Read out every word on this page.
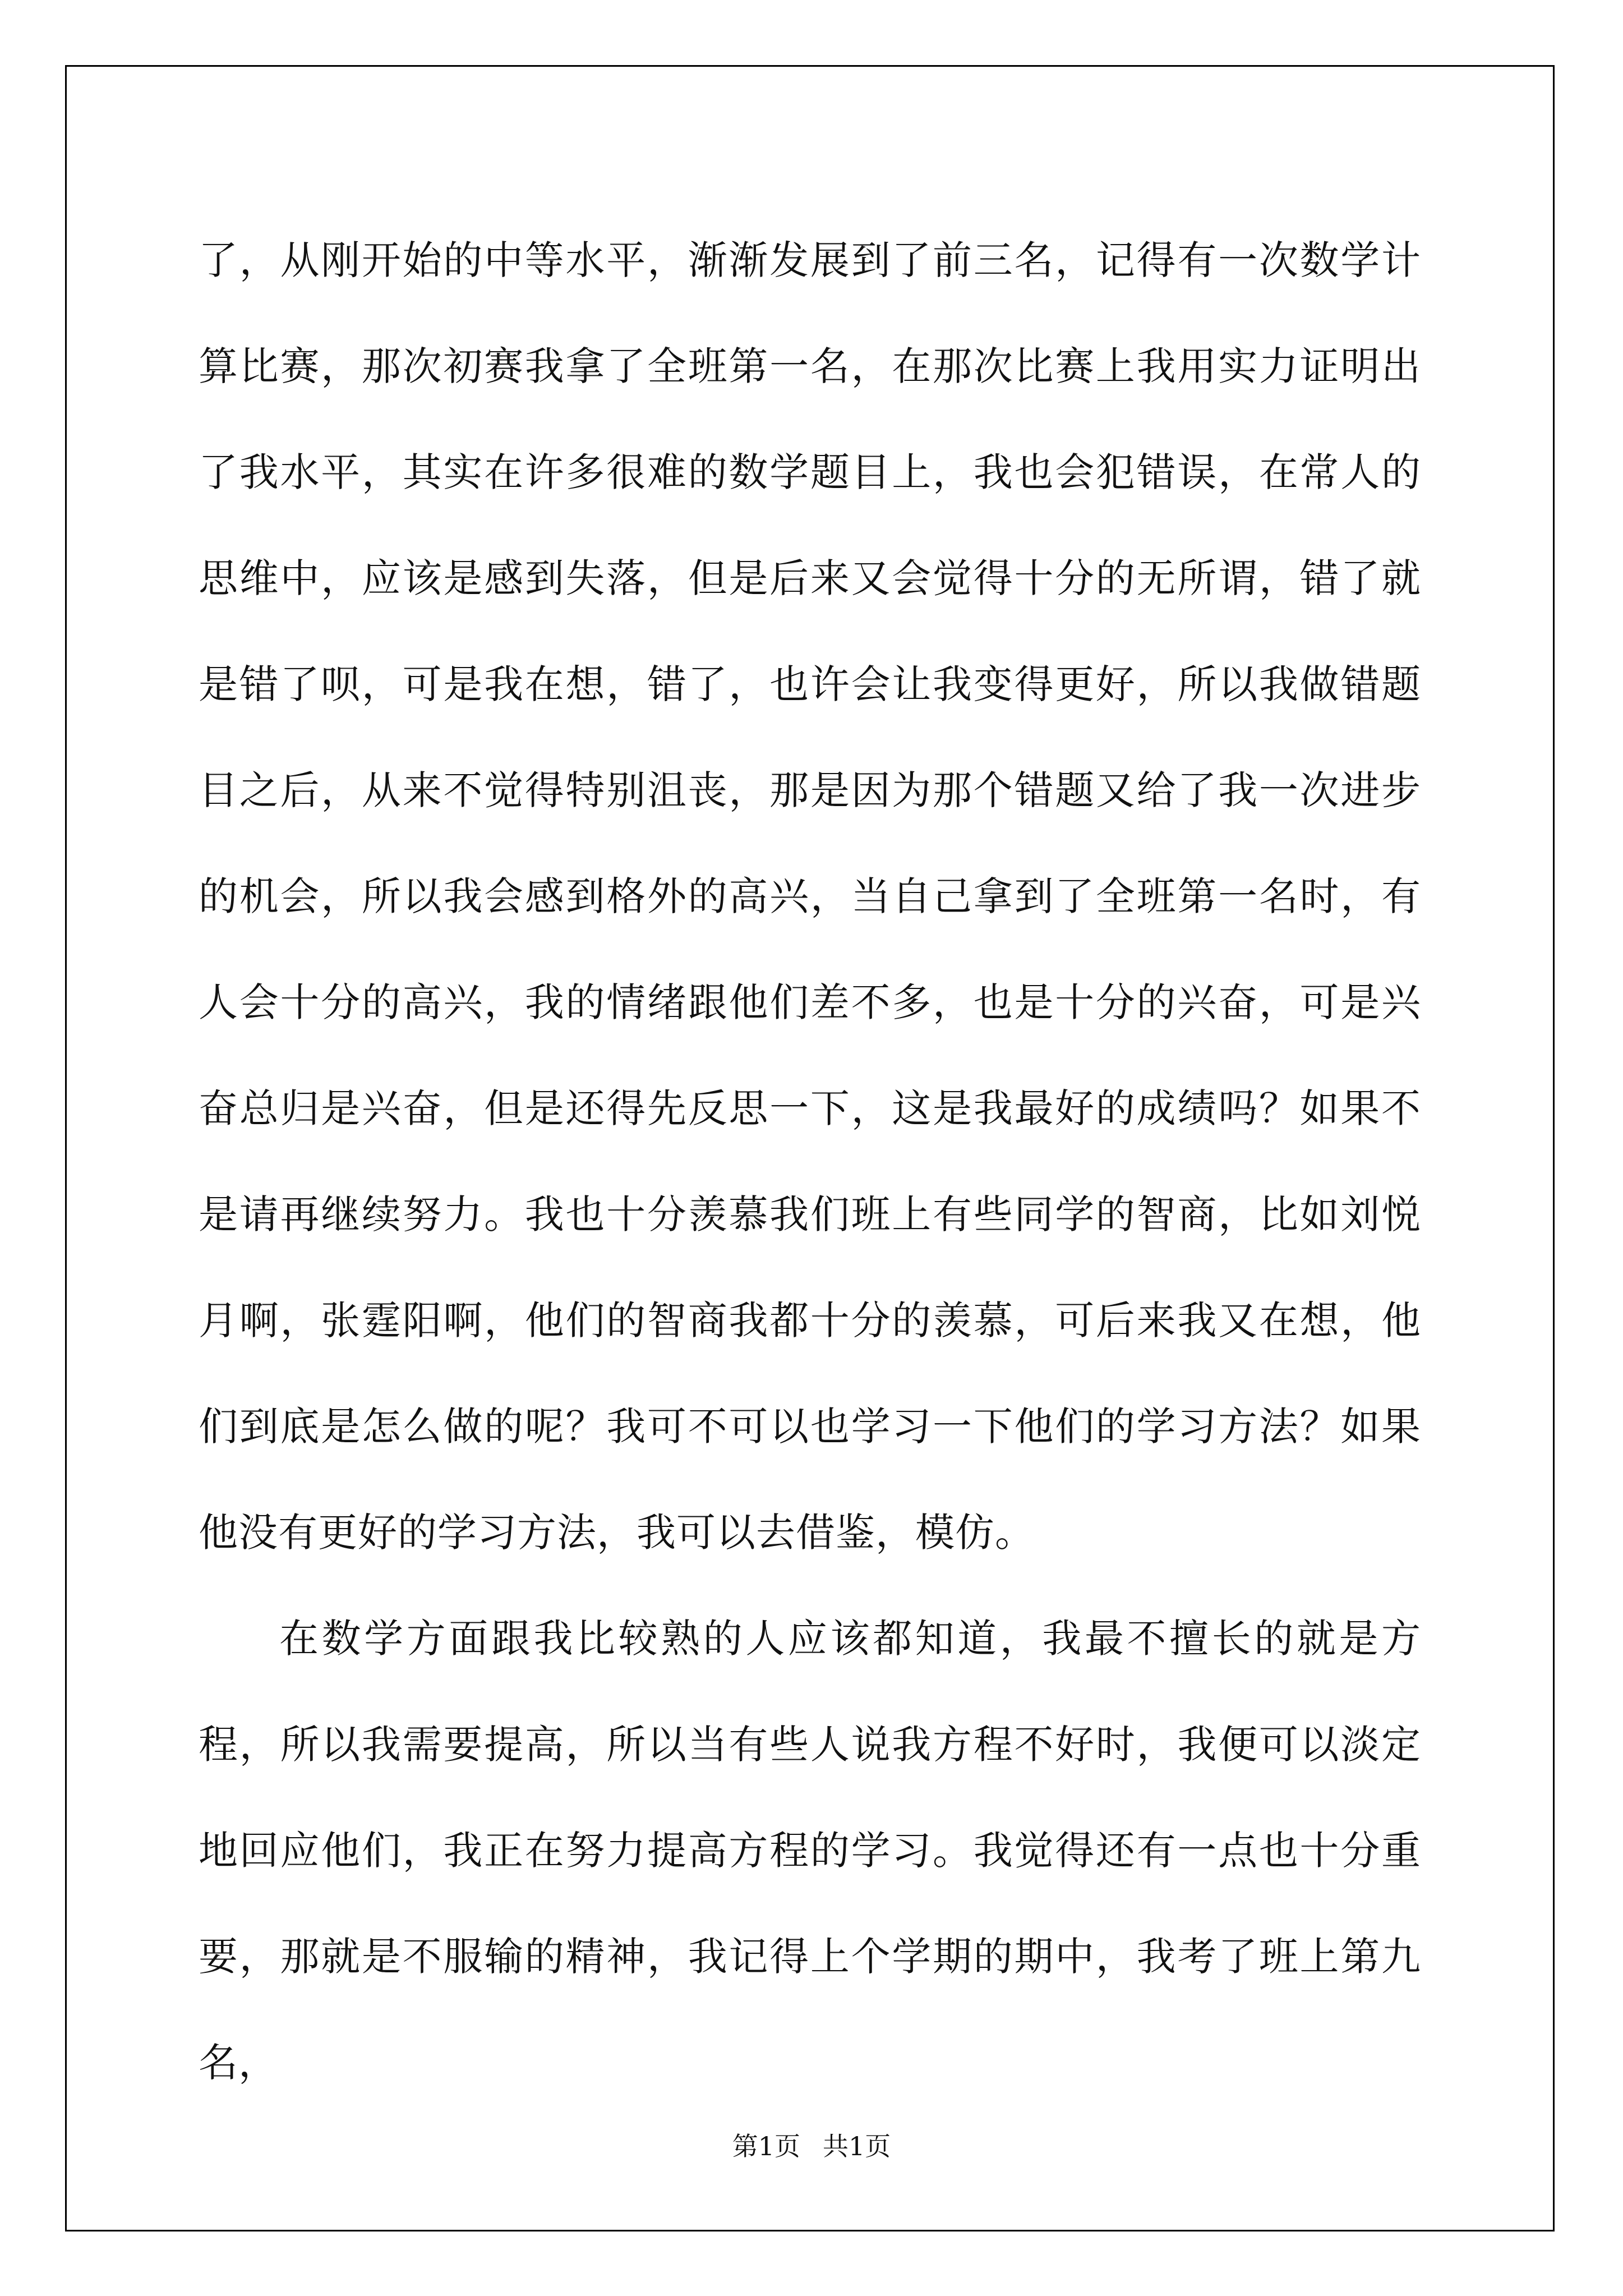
了，从刚开始的中等水平，渐渐发展到了前三名，记得有一次数学计算比赛，那次初赛我拿了全班第一名，在那次比赛上我用实力证明出了我水平，其实在许多很难的数学题目上，我也会犯错误，在常人的思维中，应该是感到失落，但是后来又会觉得十分的无所谓，错了就是错了呗，可是我在想，错了，也许会让我变得更好，所以我做错题目之后，从来不觉得特别沮丧，那是因为那个错题又给了我一次进步的机会，所以我会感到格外的高兴，当自己拿到了全班第一名时，有人会十分的高兴，我的情绪跟他们差不多，也是十分的兴奋，可是兴奋总归是兴奋，但是还得先反思一下，这是我最好的成绩吗？如果不是请再继续努力。我也十分羡慕我们班上有些同学的智商，比如刘悦月啊，张霆阳啊，他们的智商我都十分的羡慕，可后来我又在想，他们到底是怎么做的呢？我可不可以也学习一下他们的学习方法？如果他没有更好的学习方法，我可以去借鉴，模仿。

在数学方面跟我比较熟的人应该都知道，我最不擅长的就是方程，所以我需要提高，所以当有些人说我方程不好时，我便可以淡定地回应他们，我正在努力提高方程的学习。我觉得还有一点也十分重要，那就是不服输的精神，我记得上个学期的期中，我考了班上第九名，

第1页 共1页
